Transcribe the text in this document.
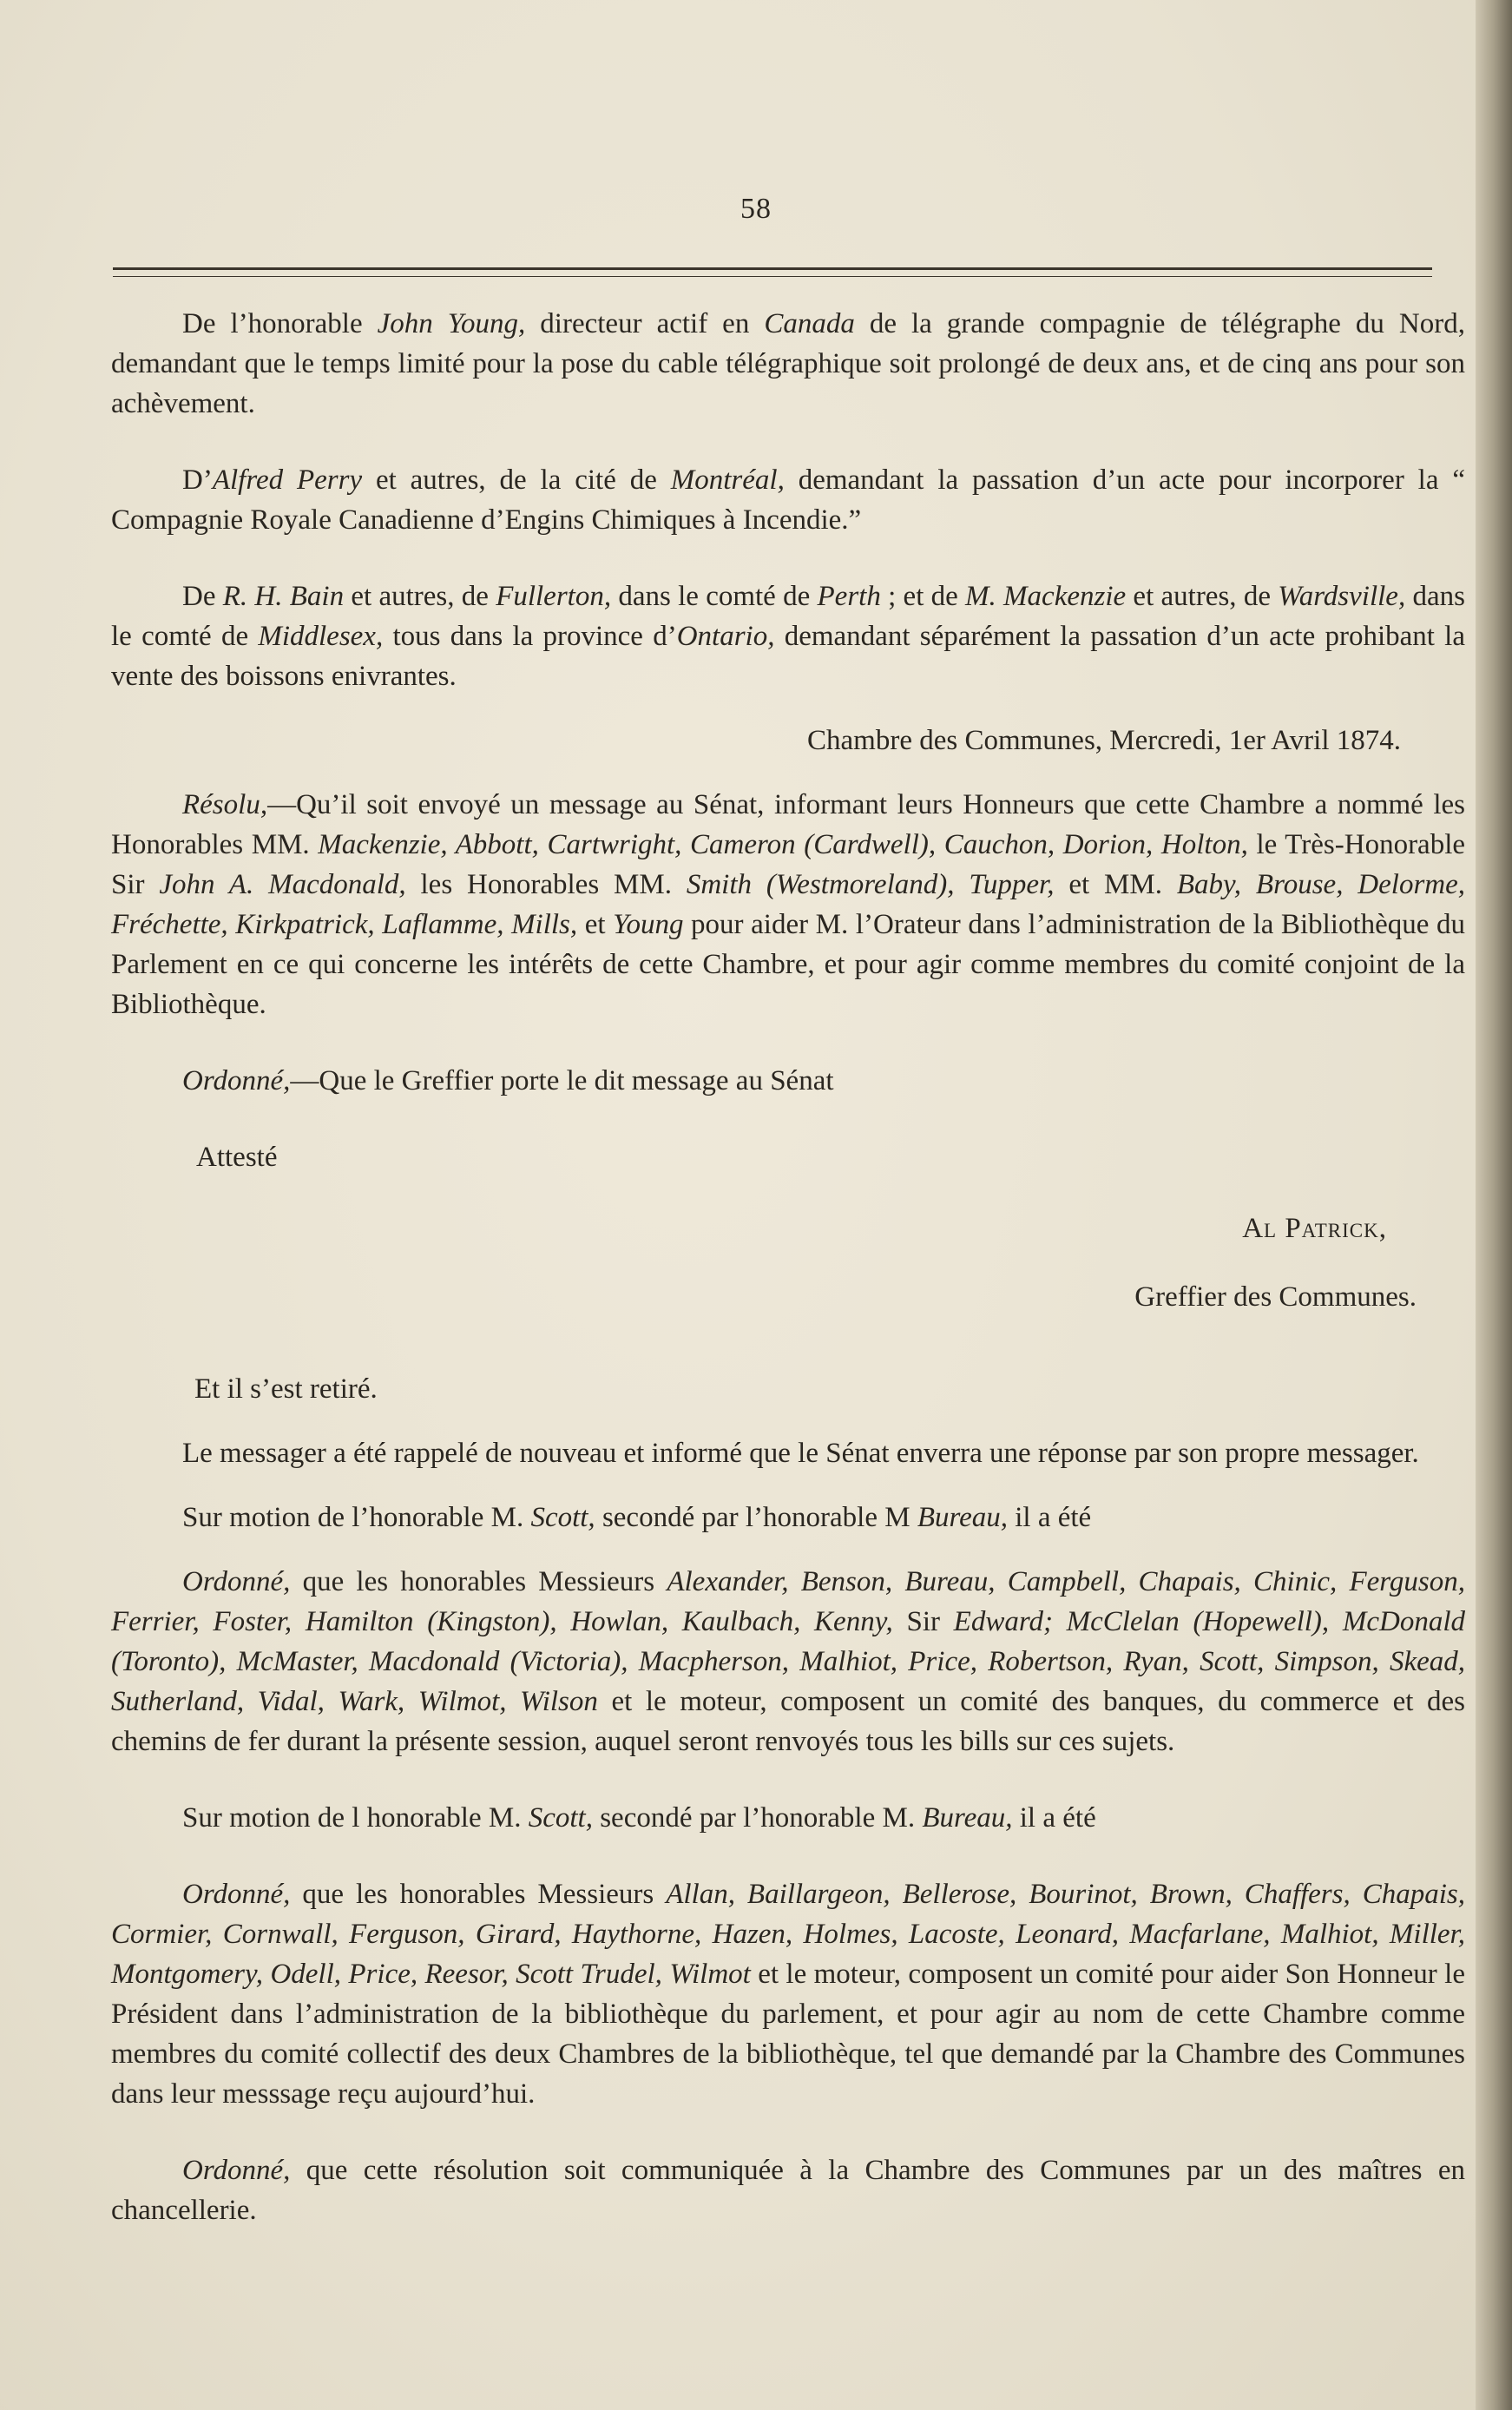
58

De l’honorable John Young, directeur actif en Canada de la grande compagnie de télégraphe du Nord, demandant que le temps limité pour la pose du cable télégraphique soit prolongé de deux ans, et de cinq ans pour son achèvement.

D’Alfred Perry et autres, de la cité de Montréal, demandant la passation d’un acte pour incorporer la “ Compagnie Royale Canadienne d’Engins Chimiques à Incendie.”

De R. H. Bain et autres, de Fullerton, dans le comté de Perth ; et de M. Mackenzie et autres, de Wardsville, dans le comté de Middlesex, tous dans la province d’Ontario, demandant séparément la passation d’un acte prohibant la vente des boissons enivrantes.

Chambre des Communes, Mercredi, 1er Avril 1874.

Résolu,—Qu’il soit envoyé un message au Sénat, informant leurs Honneurs que cette Chambre a nommé les Honorables MM. Mackenzie, Abbott, Cartwright, Cameron (Cardwell), Cauchon, Dorion, Holton, le Très-Honorable Sir John A. Macdonald, les Honorables MM. Smith (Westmoreland), Tupper, et MM. Baby, Brouse, Delorme, Fréchette, Kirkpatrick, Laflamme, Mills, et Young pour aider M. l’Orateur dans l’administration de la Bibliothèque du Parlement en ce qui concerne les intérêts de cette Chambre, et pour agir comme membres du comité conjoint de la Bibliothèque.

Ordonné,—Que le Greffier porte le dit message au Sénat

Attesté

Al Patrick,

Greffier des Communes.

Et il s’est retiré.

Le messager a été rappelé de nouveau et informé que le Sénat enverra une réponse par son propre messager.

Sur motion de l’honorable M. Scott, secondé par l’honorable M Bureau, il a été

Ordonné, que les honorables Messieurs Alexander, Benson, Bureau, Campbell, Chapais, Chinic, Ferguson, Ferrier, Foster, Hamilton (Kingston), Howlan, Kaulbach, Kenny, Sir Edward; McClelan (Hopewell), McDonald (Toronto), McMaster, Macdonald (Victoria), Macpherson, Malhiot, Price, Robertson, Ryan, Scott, Simpson, Skead, Sutherland, Vidal, Wark, Wilmot, Wilson et le moteur, composent un comité des banques, du commerce et des chemins de fer durant la présente session, auquel seront renvoyés tous les bills sur ces sujets.

Sur motion de l honorable M. Scott, secondé par l’honorable M. Bureau, il a été

Ordonné, que les honorables Messieurs Allan, Baillargeon, Bellerose, Bourinot, Brown, Chaffers, Chapais, Cormier, Cornwall, Ferguson, Girard, Haythorne, Hazen, Holmes, Lacoste, Leonard, Macfarlane, Malhiot, Miller, Montgomery, Odell, Price, Reesor, Scott Trudel, Wilmot et le moteur, composent un comité pour aider Son Honneur le Président dans l’administration de la bibliothèque du parlement, et pour agir au nom de cette Chambre comme membres du comité collectif des deux Chambres de la bibliothèque, tel que demandé par la Chambre des Communes dans leur messsage reçu aujourd’hui.

Ordonné, que cette résolution soit communiquée à la Chambre des Communes par un des maîtres en chancellerie.
